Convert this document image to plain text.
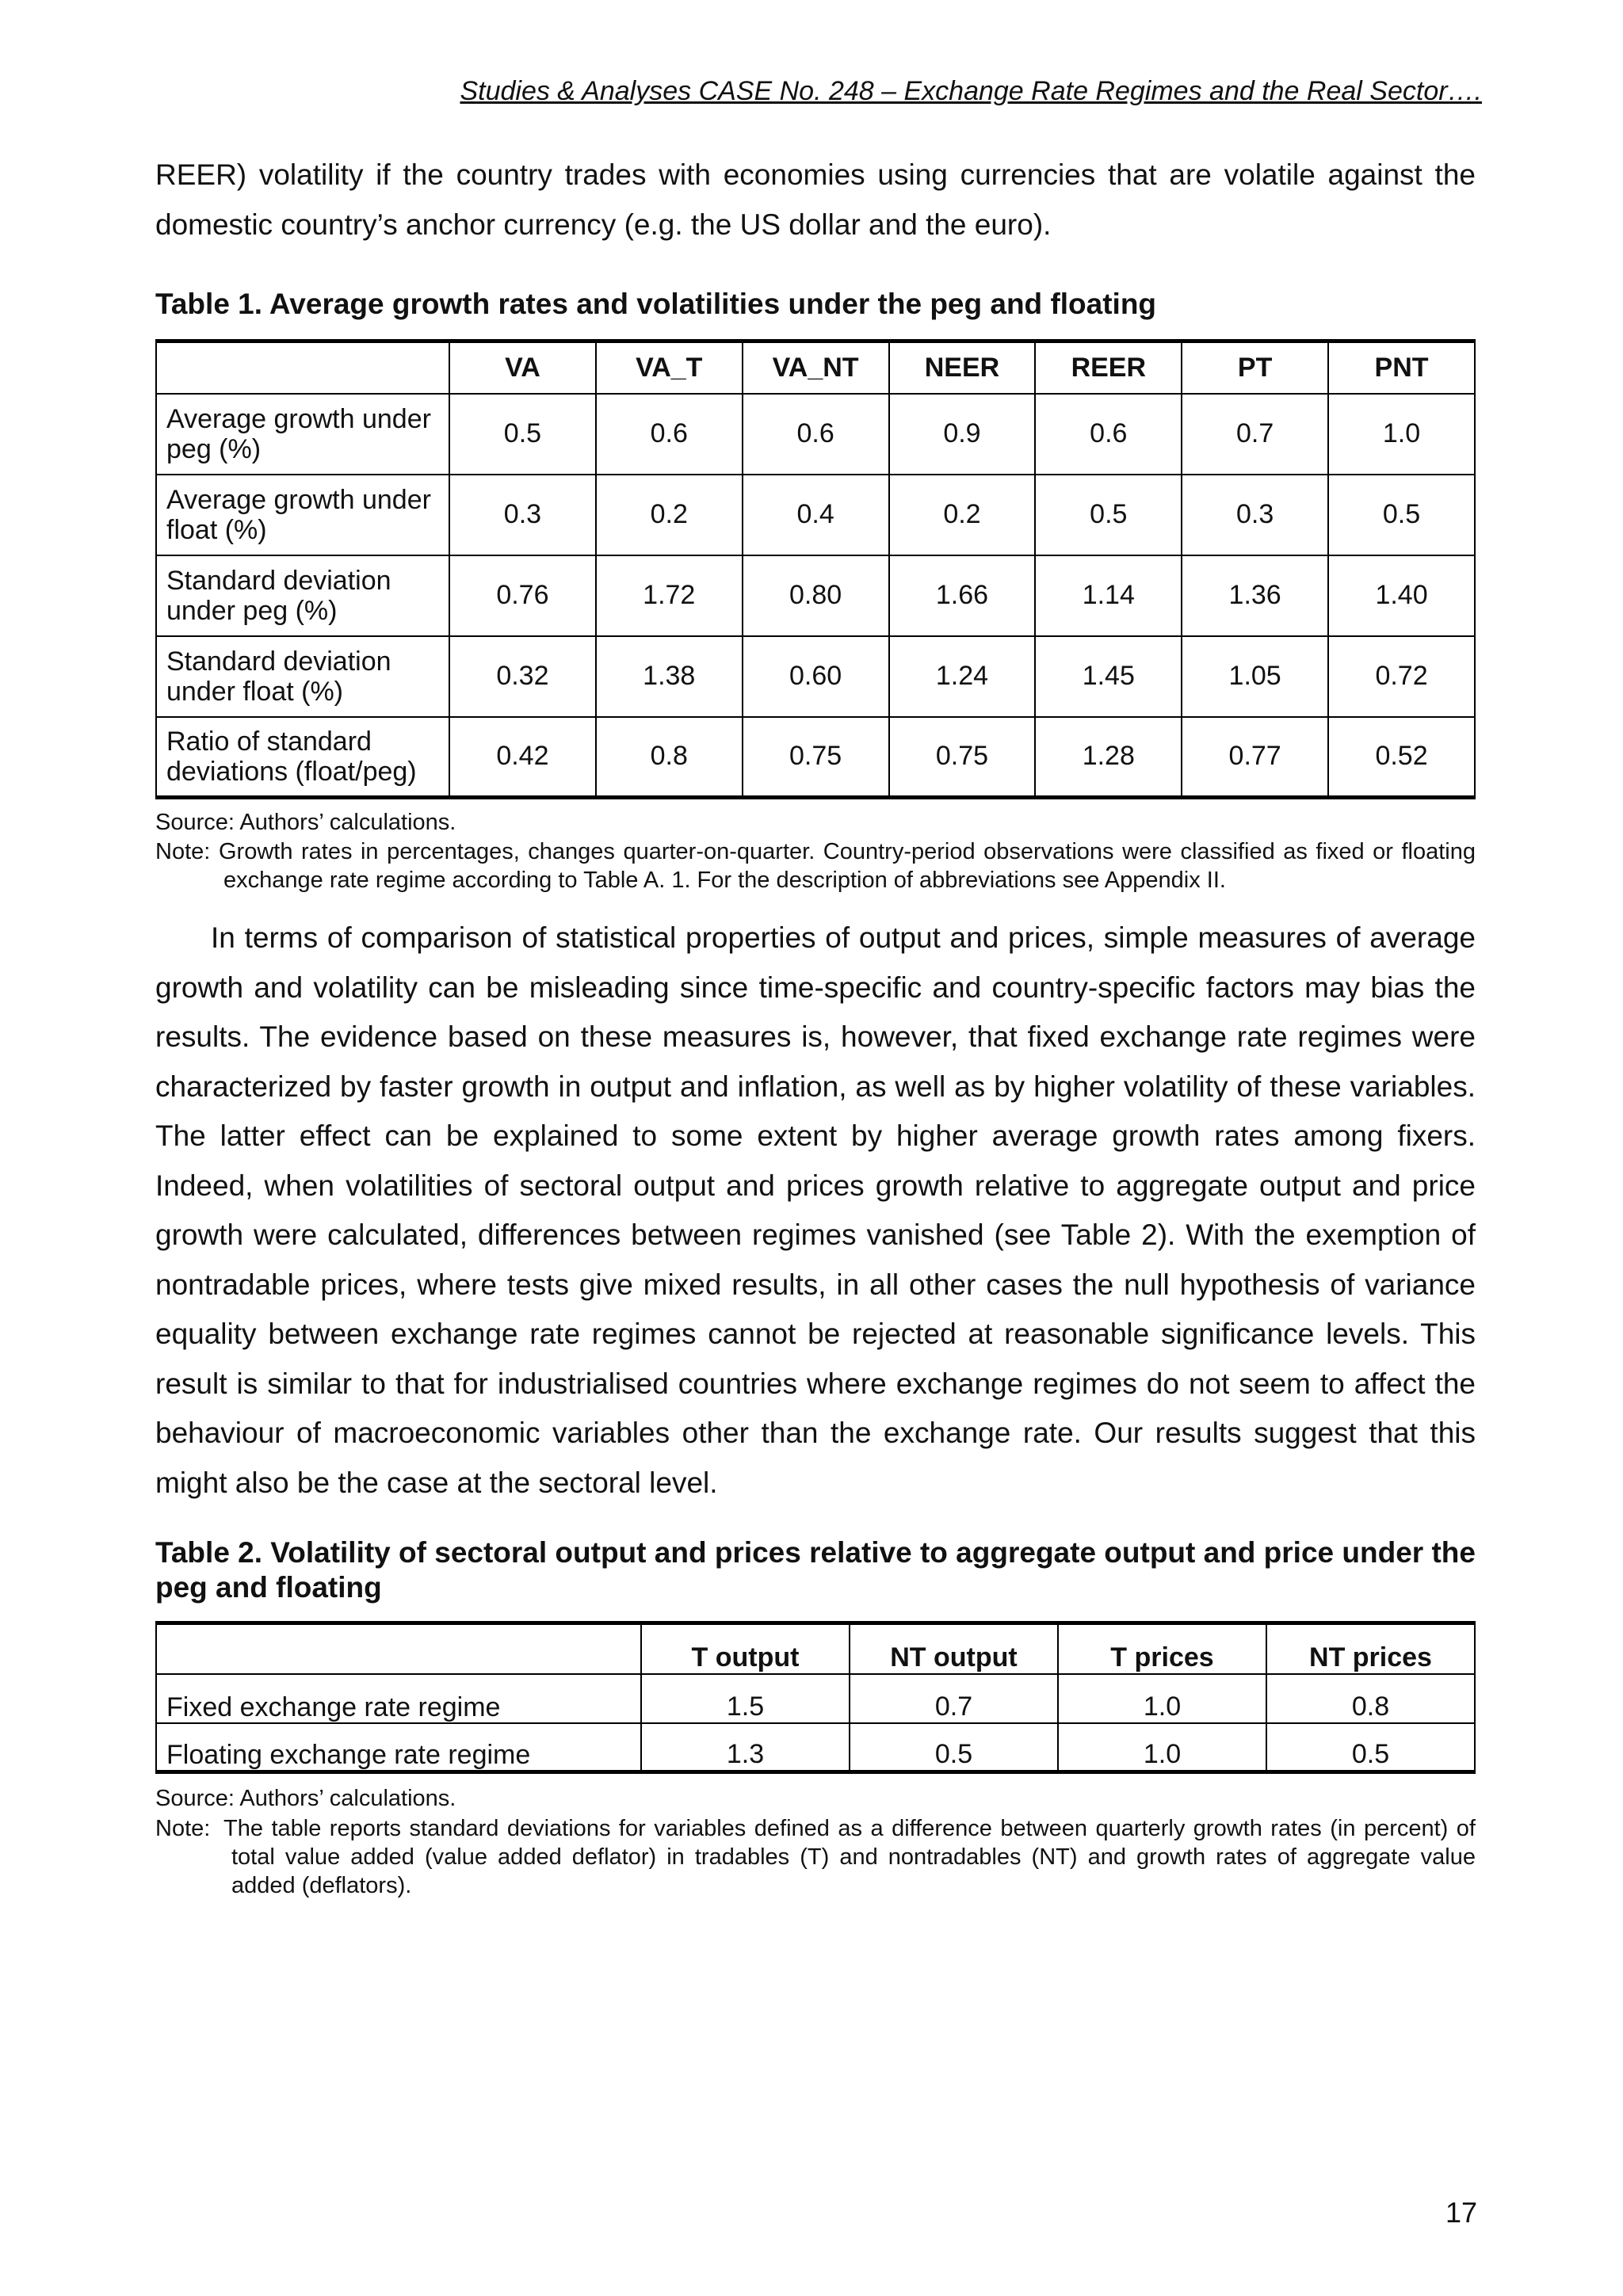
Studies & Analyses CASE No. 248 – Exchange Rate Regimes and the Real Sector….

REER) volatility if the country trades with economies using currencies that are volatile against the domestic country’s anchor currency (e.g. the US dollar and the euro).

Table 1. Average growth rates and volatilities under the peg and floating
	VA	VA_T	VA_NT	NEER	REER	PT	PNT
Average growth under peg (%)	0.5	0.6	0.6	0.9	0.6	0.7	1.0
Average growth under float (%)	0.3	0.2	0.4	0.2	0.5	0.3	0.5
Standard deviation under peg (%)	0.76	1.72	0.80	1.66	1.14	1.36	1.40
Standard deviation under float (%)	0.32	1.38	0.60	1.24	1.45	1.05	0.72
Ratio of standard deviations (float/peg)	0.42	0.8	0.75	0.75	1.28	0.77	0.52
Source: Authors’ calculations.
Note: Growth rates in percentages, changes quarter-on-quarter. Country-period observations were classified as fixed or floating exchange rate regime according to Table A. 1. For the description of abbreviations see Appendix II.

In terms of comparison of statistical properties of output and prices, simple measures of average growth and volatility can be misleading since time-specific and country-specific factors may bias the results. The evidence based on these measures is, however, that fixed exchange rate regimes were characterized by faster growth in output and inflation, as well as by higher volatility of these variables. The latter effect can be explained to some extent by higher average growth rates among fixers. Indeed, when volatilities of sectoral output and prices growth relative to aggregate output and price growth were calculated, differences between regimes vanished (see Table 2). With the exemption of nontradable prices, where tests give mixed results, in all other cases the null hypothesis of variance equality between exchange rate regimes cannot be rejected at reasonable significance levels. This result is similar to that for industrialised countries where exchange regimes do not seem to affect the behaviour of macroeconomic variables other than the exchange rate. Our results suggest that this might also be the case at the sectoral level.

Table 2. Volatility of sectoral output and prices relative to aggregate output and price under the peg and floating
	T output	NT output	T prices	NT prices
Fixed exchange rate regime	1.5	0.7	1.0	0.8
Floating exchange rate regime	1.3	0.5	1.0	0.5
Source: Authors’ calculations.
Note: The table reports standard deviations for variables defined as a difference between quarterly growth rates (in percent) of total value added (value added deflator) in tradables (T) and nontradables (NT) and growth rates of aggregate value added (deflators).
17
